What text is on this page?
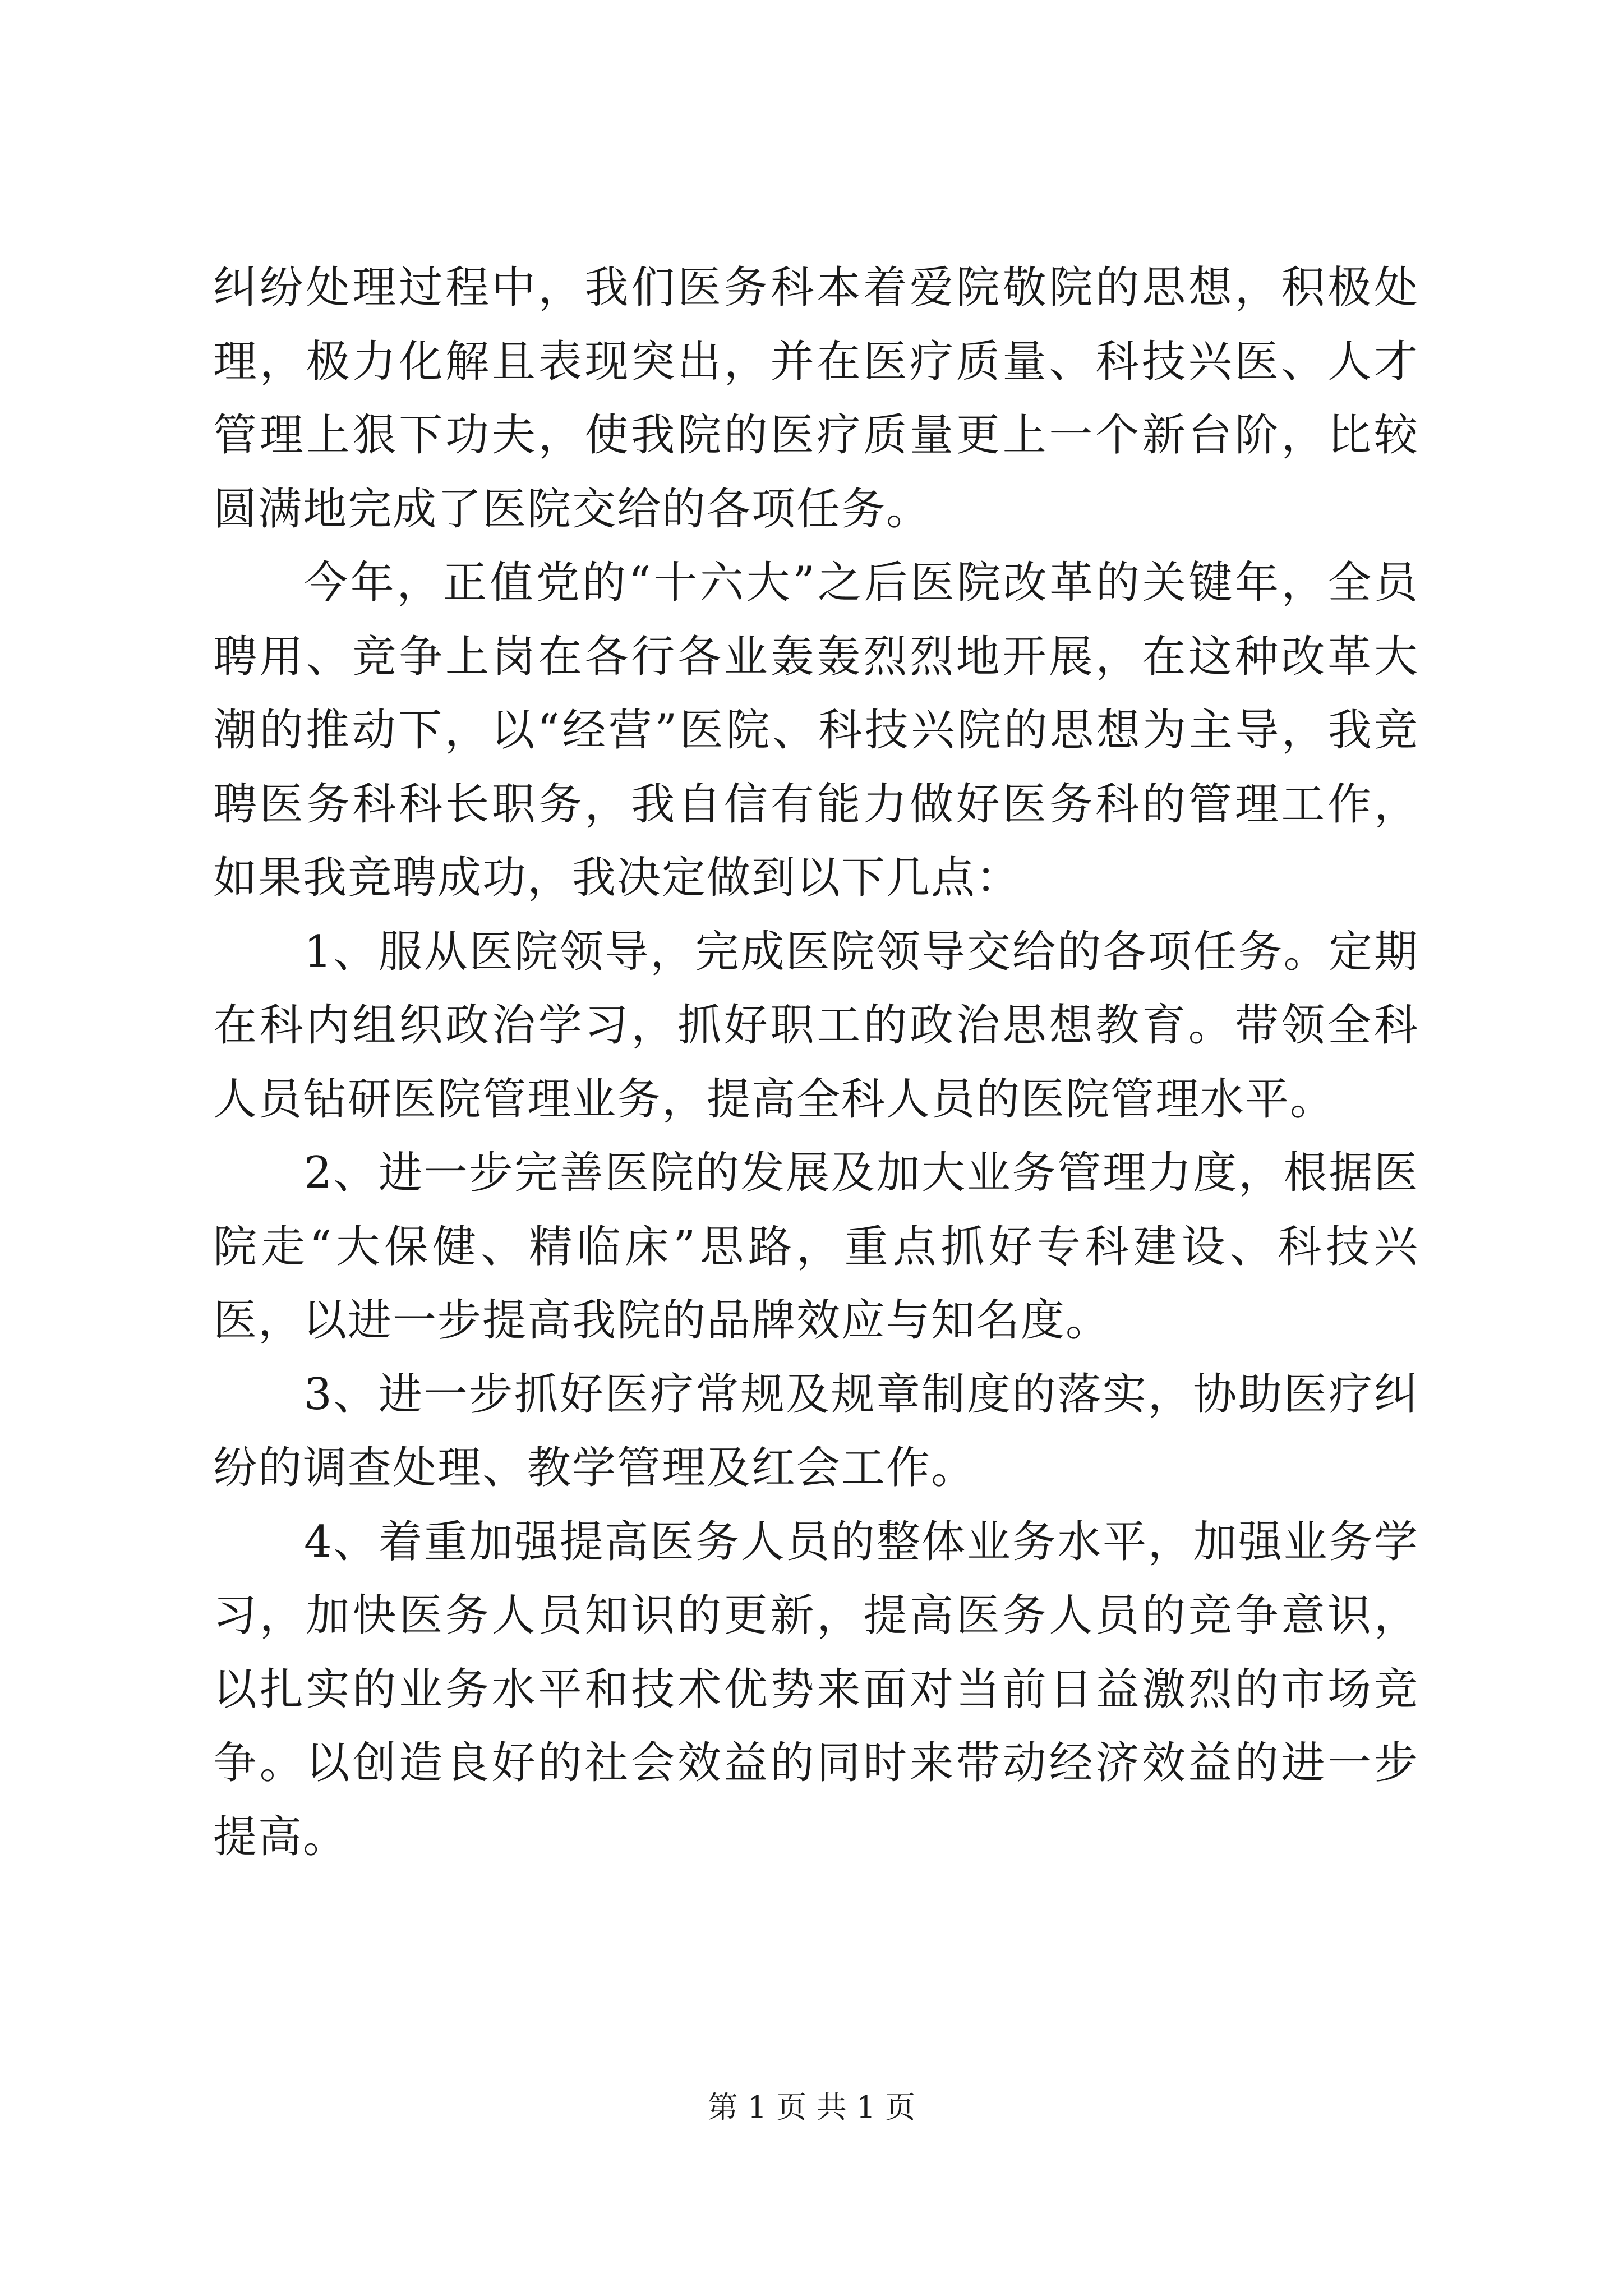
纠纷处理过程中，我们医务科本着爱院敬院的思想，积极处理，极力化解且表现突出，并在医疗质量、科技兴医、人才管理上狠下功夫，使我院的医疗质量更上一个新台阶，比较圆满地完成了医院交给的各项任务。

今年，正值党的“十六大”之后医院改革的关键年，全员聘用、竞争上岗在各行各业轰轰烈烈地开展，在这种改革大潮的推动下，以“经营”医院、科技兴院的思想为主导，我竞聘医务科科长职务，我自信有能力做好医务科的管理工作，如果我竞聘成功，我决定做到以下几点：

1、服从医院领导，完成医院领导交给的各项任务。定期在科内组织政治学习，抓好职工的政治思想教育。带领全科人员钻研医院管理业务，提高全科人员的医院管理水平。

2、进一步完善医院的发展及加大业务管理力度，根据医院走“大保健、精临床”思路，重点抓好专科建设、科技兴医，以进一步提高我院的品牌效应与知名度。

3、进一步抓好医疗常规及规章制度的落实，协助医疗纠纷的调查处理、教学管理及红会工作。

4、着重加强提高医务人员的整体业务水平，加强业务学习，加快医务人员知识的更新，提高医务人员的竞争意识，以扎实的业务水平和技术优势来面对当前日益激烈的市场竞争。以创造良好的社会效益的同时来带动经济效益的进一步提高。

第 1 页 共 1 页
